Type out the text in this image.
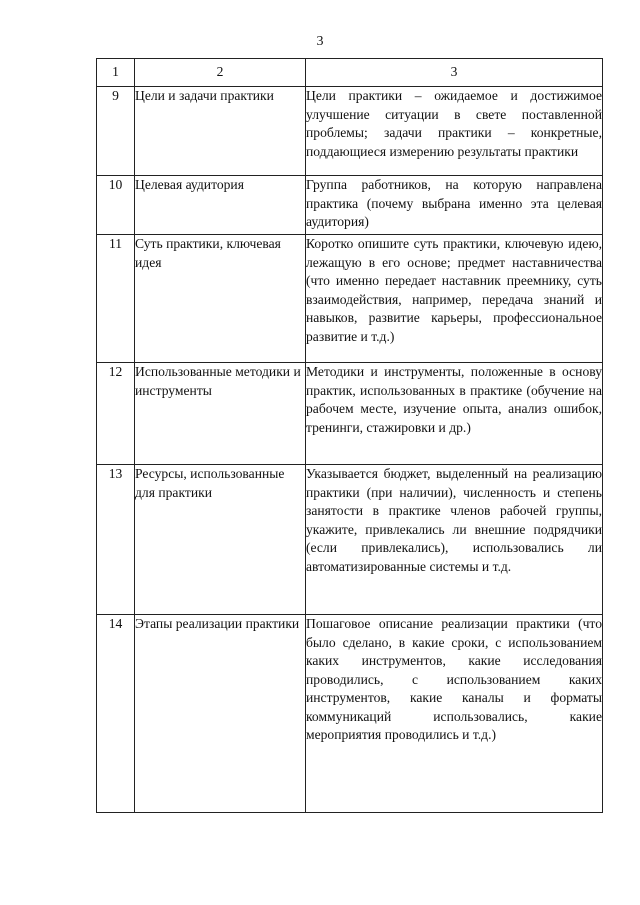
3
1	2	3
9	Цели и задачи практики	Цели практики – ожидаемое и достижимое улучшение ситуации в свете поставленной проблемы; задачи практики – конкретные, поддающиеся измерению результаты практики
10	Целевая аудитория	Группа работников, на которую направлена практика (почему выбрана именно эта целевая аудитория)
11	Суть практики, ключевая идея	Коротко опишите суть практики, ключевую идею, лежащую в его основе; предмет наставничества (что именно передает наставник преемнику, суть взаимодействия, например, передача знаний и навыков, развитие карьеры, профессиональное развитие и т.д.)
12	Использованные методики и инструменты	Методики и инструменты, положенные в основу практик, использованных в практике (обучение на рабочем месте, изучение опыта, анализ ошибок, тренинги, стажировки и др.)
13	Ресурсы, использованные для практики	Указывается бюджет, выделенный на реализацию практики (при наличии), численность и степень занятости в практике членов рабочей группы, укажите, привлекались ли внешние подрядчики (если привлекались), использовались ли автоматизированные системы и т.д.
14	Этапы реализации практики	Пошаговое описание реализации практики (что было сделано, в какие сроки, с использованием каких инструментов, какие исследования проводились, с использованием каких инструментов, какие каналы и форматы коммуникаций использовались, какие мероприятия проводились и т.д.)
